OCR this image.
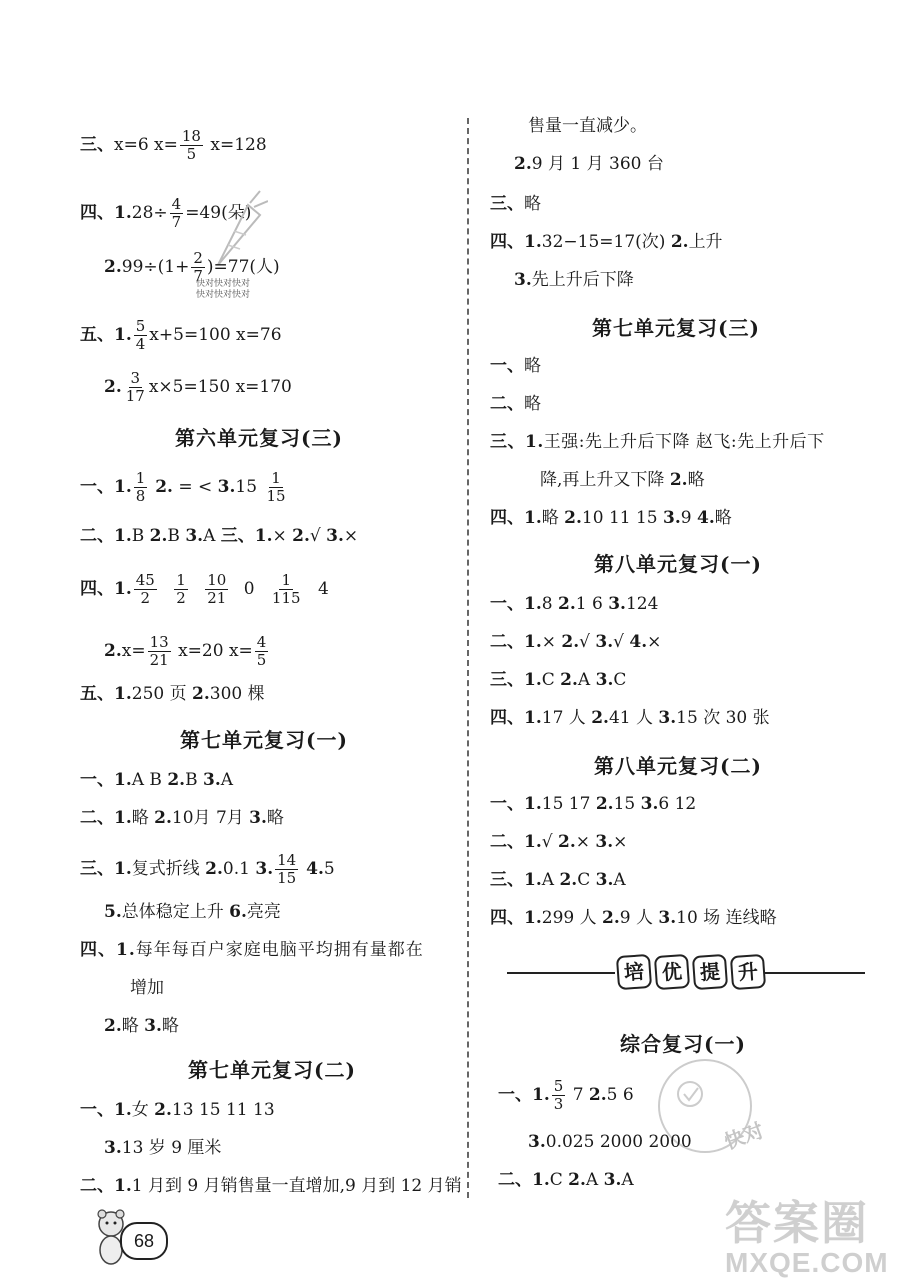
三、x=6 $x= \frac{18}{5} x=128$
四、$1.28\div \frac{4}{7} =49$(朵)
$2.99\div(1+ \frac{2}{7} )=77$(人)
快对快对快对
快对快对快对
五、1. $\frac{5}{4} x+5=100$ x=76
2. $\frac{3}{17} x\times 5=150$ x=170
第六单元复习(三)
一、1. $\frac{1}{8} 2$. = < $3.15 \frac{1}{15}$
二、1.B 2.B 3.A 三、1.× 2.√ 3.×
四、1. $\frac{45}{2}$
$\frac{1}{2}$
$\frac{10}{21} 0 \frac{1}{115} 4$
$2.x= \frac{13}{21} x=20$ $x= \frac{4}{5}$
五、1.250 页 2.300 棵
第七单元复习(一)
一、1.A B 2.B 3.A
二、1.略 2.10月 7月 3.略
三、1.复式折线 2.0.1 3. $\frac{14}{15} 4.5$
5.总体稳定上升 6.亮亮
四、1.每年每百户家庭电脑平均拥有量都在
增加
2.略 3.略
第七单元复习(二)
一、1.女 2.13 15 11 13
3.13 岁 9 厘米
二、1.1 月到 9 月销售量一直增加,9 月到 12 月销
68
售量一直减少。
2.9 月 1 月 360 台
三、略
四、1.32−15=17(次) 2.上升
3.先上升后下降
第七单元复习(三)
一、略
二、略
三、1.王强:先上升后下降 赵飞:先上升后下
降,再上升又下降 2.略
四、1.略 2.10 11 15 3.9 4.略
第八单元复习(一)
一、1.8 2.1 6 3.124
二、1.× 2.√ 3.√ 4.×
三、1.C 2.A 3.C
四、1.17 人 2.41 人 3.15 次 30 张
第八单元复习(二)
一、1.15 17 2.15 3.6 12
二、1.√ 2.× 3.×
三、1.A 2.C 3.A
四、1.299 人 2.9 人 3.10 场 连线略
培 优 提 升
综合复习(一)
一、1. $\frac{5}{3} 7$ 2.5 6
快对
3.0.025 2000 2000
二、1.C 2.A 3.A
答案圈
MXQE.COM
